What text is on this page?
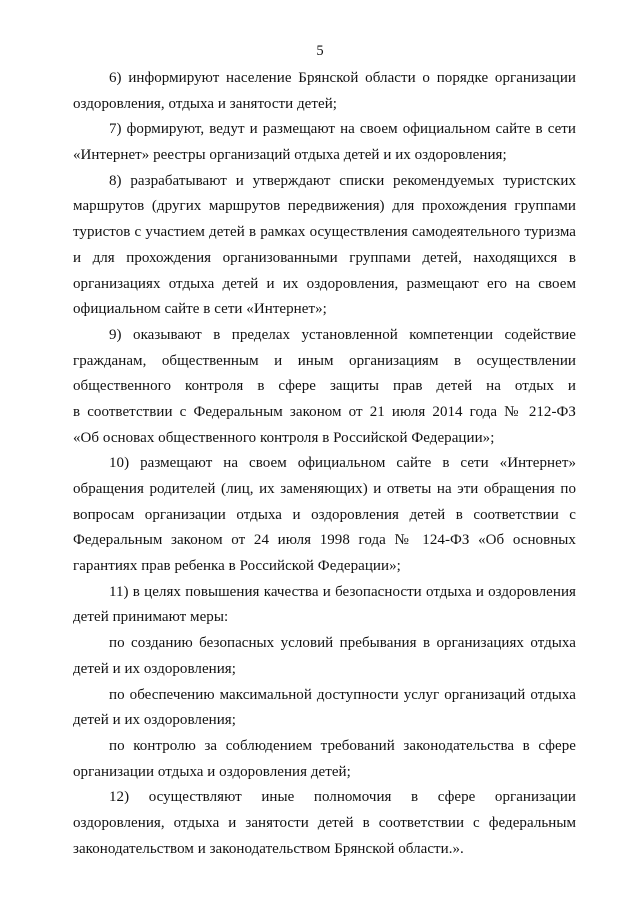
5
6) информируют население Брянской области о порядке организации
оздоровления, отдыха и занятости детей;
7) формируют, ведут и размещают на своем официальном сайте в сети
«Интернет» реестры организаций отдыха детей и их оздоровления;
8) разрабатывают и утверждают списки рекомендуемых туристских
маршрутов (других маршрутов передвижения) для прохождения группами
туристов с участием детей в рамках осуществления самодеятельного туризма
и для прохождения организованными группами детей, находящихся в
организациях отдыха детей и их оздоровления, размещают его на своем
официальном сайте в сети «Интернет»;
9) оказывают в пределах установленной компетенции содействие
гражданам, общественным и иным организациям в осуществлении
общественного контроля в сфере защиты прав детей на отдых и
в соответствии с Федеральным законом от 21 июля 2014 года № 212-ФЗ
«Об основах общественного контроля в Российской Федерации»;
10) размещают на своем официальном сайте в сети «Интернет»
обращения родителей (лиц, их заменяющих) и ответы на эти обращения по
вопросам организации отдыха и оздоровления детей в соответствии с
Федеральным законом от 24 июля 1998 года № 124-ФЗ «Об основных
гарантиях прав ребенка в Российской Федерации»;
11) в целях повышения качества и безопасности отдыха и оздоровления
детей принимают меры:
по созданию безопасных условий пребывания в организациях отдыха
детей и их оздоровления;
по обеспечению максимальной доступности услуг организаций отдыха
детей и их оздоровления;
по контролю за соблюдением требований законодательства в сфере
организации отдыха и оздоровления детей;
12) осуществляют иные полномочия в сфере организации
оздоровления, отдыха и занятости детей в соответствии с федеральным
законодательством и законодательством Брянской области.».
